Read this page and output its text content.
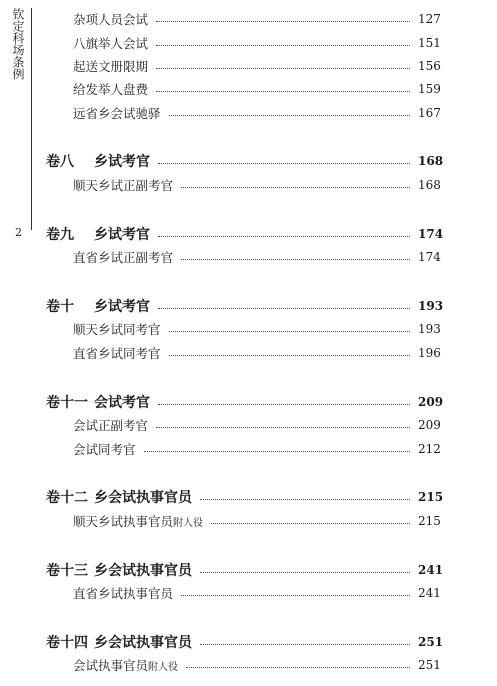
钦定科场条例
2
杂项人员会试	127
八旗举人会试	151
起送文册限期	156
给发举人盘费	159
远省乡会试驰驿	167
卷八 乡试考官	168
顺天乡试正副考官	168
卷九 乡试考官	174
直省乡试正副考官	174
卷十 乡试考官	193
顺天乡试同考官	193
直省乡试同考官	196
卷十一 会试考官	209
会试正副考官	209
会试同考官	212
卷十二 乡会试执事官员	215
顺天乡试执事官员附人役	215
卷十三 乡会试执事官员	241
直省乡试执事官员	241
卷十四 乡会试执事官员	251
会试执事官员附人役	251
